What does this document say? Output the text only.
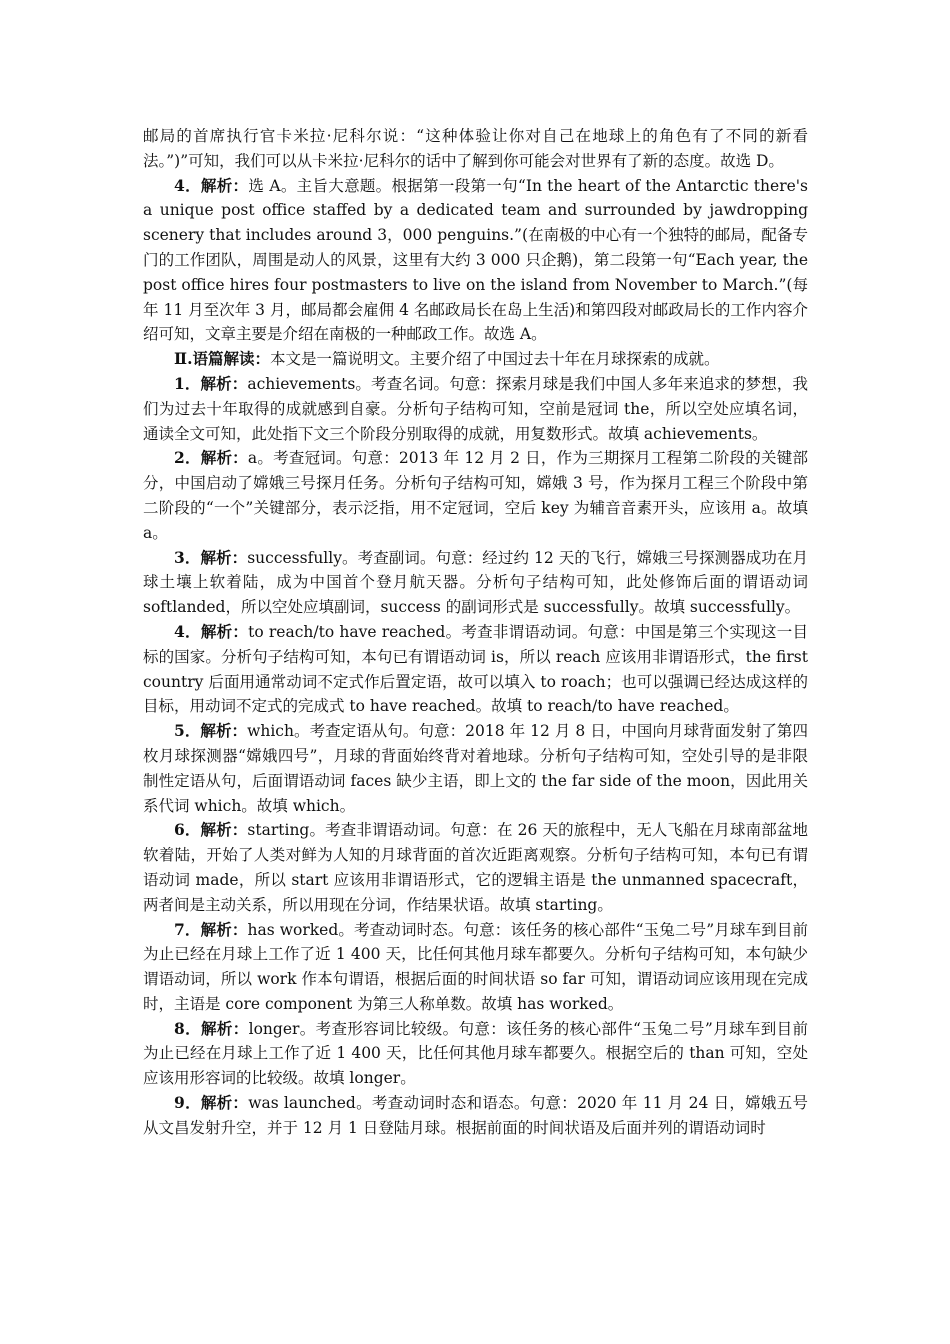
邮局的首席执行官卡米拉·尼科尔说：“这种体验让你对自己在地球上的角色有了不同的新看法。”)”可知，我们可以从卡米拉·尼科尔的话中了解到你可能会对世界有了新的态度。故选 D。

4．解析：选 A。主旨大意题。根据第一段第一句“In the heart of the Antarctic there's a unique post office staffed by a dedicated team and surrounded by jawdropping scenery that includes around 3，000 penguins.”(在南极的中心有一个独特的邮局，配备专门的工作团队，周围是动人的风景，这里有大约 3 000 只企鹅)，第二段第一句“Each year, the post office hires four postmasters to live on the island from November to March.”(每年 11 月至次年 3 月，邮局都会雇佣 4 名邮政局长在岛上生活)和第四段对邮政局长的工作内容介绍可知，文章主要是介绍在南极的一种邮政工作。故选 A。

Ⅱ.语篇解读：本文是一篇说明文。主要介绍了中国过去十年在月球探索的成就。

1．解析：achievements。考查名词。句意：探索月球是我们中国人多年来追求的梦想，我们为过去十年取得的成就感到自豪。分析句子结构可知，空前是冠词 the，所以空处应填名词，通读全文可知，此处指下文三个阶段分别取得的成就，用复数形式。故填 achievements。

2．解析：a。考查冠词。句意：2013 年 12 月 2 日，作为三期探月工程第二阶段的关键部分，中国启动了嫦娥三号探月任务。分析句子结构可知，嫦娥 3 号，作为探月工程三个阶段中第二阶段的“一个”关键部分，表示泛指，用不定冠词，空后 key 为辅音音素开头，应该用 a。故填 a。

3．解析：successfully。考查副词。句意：经过约 12 天的飞行，嫦娥三号探测器成功在月球土壤上软着陆，成为中国首个登月航天器。分析句子结构可知，此处修饰后面的谓语动词 softlanded，所以空处应填副词，success 的副词形式是 successfully。故填 successfully。

4．解析：to reach/to have reached。考查非谓语动词。句意：中国是第三个实现这一目标的国家。分析句子结构可知，本句已有谓语动词 is，所以 reach 应该用非谓语形式，the first country 后面用通常动词不定式作后置定语，故可以填入 to roach；也可以强调已经达成这样的目标，用动词不定式的完成式 to have reached。故填 to reach/to have reached。

5．解析：which。考查定语从句。句意：2018 年 12 月 8 日，中国向月球背面发射了第四枚月球探测器“嫦娥四号”，月球的背面始终背对着地球。分析句子结构可知，空处引导的是非限制性定语从句，后面谓语动词 faces 缺少主语，即上文的 the far side of the moon，因此用关系代词 which。故填 which。

6．解析：starting。考查非谓语动词。句意：在 26 天的旅程中，无人飞船在月球南部盆地软着陆，开始了人类对鲜为人知的月球背面的首次近距离观察。分析句子结构可知，本句已有谓语动词 made，所以 start 应该用非谓语形式，它的逻辑主语是 the unmanned spacecraft，两者间是主动关系，所以用现在分词，作结果状语。故填 starting。

7．解析：has worked。考查动词时态。句意：该任务的核心部件“玉兔二号”月球车到目前为止已经在月球上工作了近 1 400 天，比任何其他月球车都要久。分析句子结构可知，本句缺少谓语动词，所以 work 作本句谓语，根据后面的时间状语 so far 可知，谓语动词应该用现在完成时，主语是 core component 为第三人称单数。故填 has worked。

8．解析：longer。考查形容词比较级。句意：该任务的核心部件“玉兔二号”月球车到目前为止已经在月球上工作了近 1 400 天，比任何其他月球车都要久。根据空后的 than 可知，空处应该用形容词的比较级。故填 longer。

9．解析：was launched。考查动词时态和语态。句意：2020 年 11 月 24 日，嫦娥五号从文昌发射升空，并于 12 月 1 日登陆月球。根据前面的时间状语及后面并列的谓语动词时
